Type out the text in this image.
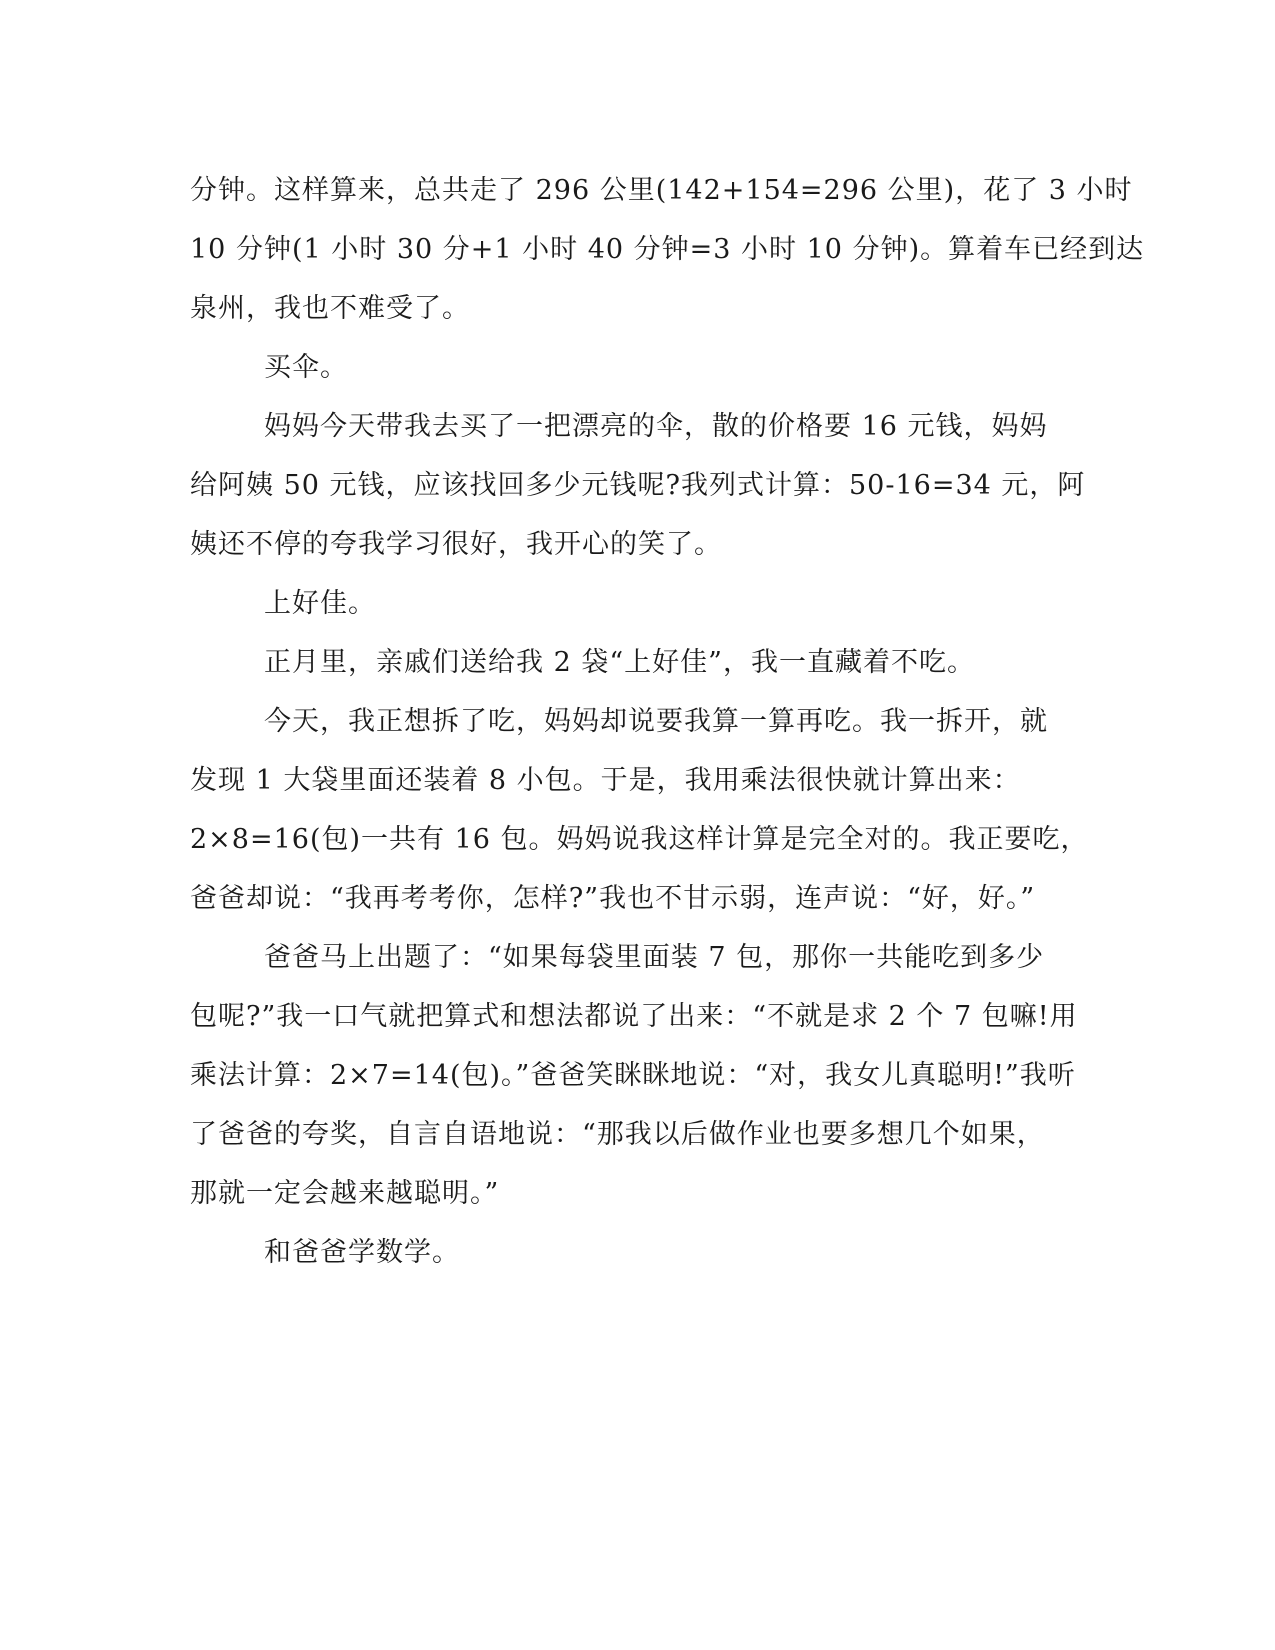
分钟。这样算来，总共走了 296 公里(142+154=296 公里)，花了 3 小时
10 分钟(1 小时 30 分+1 小时 40 分钟=3 小时 10 分钟)。算着车已经到达
泉州，我也不难受了。
买伞。
妈妈今天带我去买了一把漂亮的伞，散的价格要 16 元钱，妈妈
给阿姨 50 元钱，应该找回多少元钱呢?我列式计算：50-16=34 元，阿
姨还不停的夸我学习很好，我开心的笑了。
上好佳。
正月里，亲戚们送给我 2 袋“上好佳”，我一直藏着不吃。
今天，我正想拆了吃，妈妈却说要我算一算再吃。我一拆开，就
发现 1 大袋里面还装着 8 小包。于是，我用乘法很快就计算出来：
2×8=16(包)一共有 16 包。妈妈说我这样计算是完全对的。我正要吃，
爸爸却说：“我再考考你，怎样?”我也不甘示弱，连声说：“好，好。”
爸爸马上出题了：“如果每袋里面装 7 包，那你一共能吃到多少
包呢?”我一口气就把算式和想法都说了出来：“不就是求 2 个 7 包嘛!用
乘法计算：2×7=14(包)。”爸爸笑眯眯地说：“对，我女儿真聪明!”我听
了爸爸的夸奖，自言自语地说：“那我以后做作业也要多想几个如果，
那就一定会越来越聪明。”
和爸爸学数学。
